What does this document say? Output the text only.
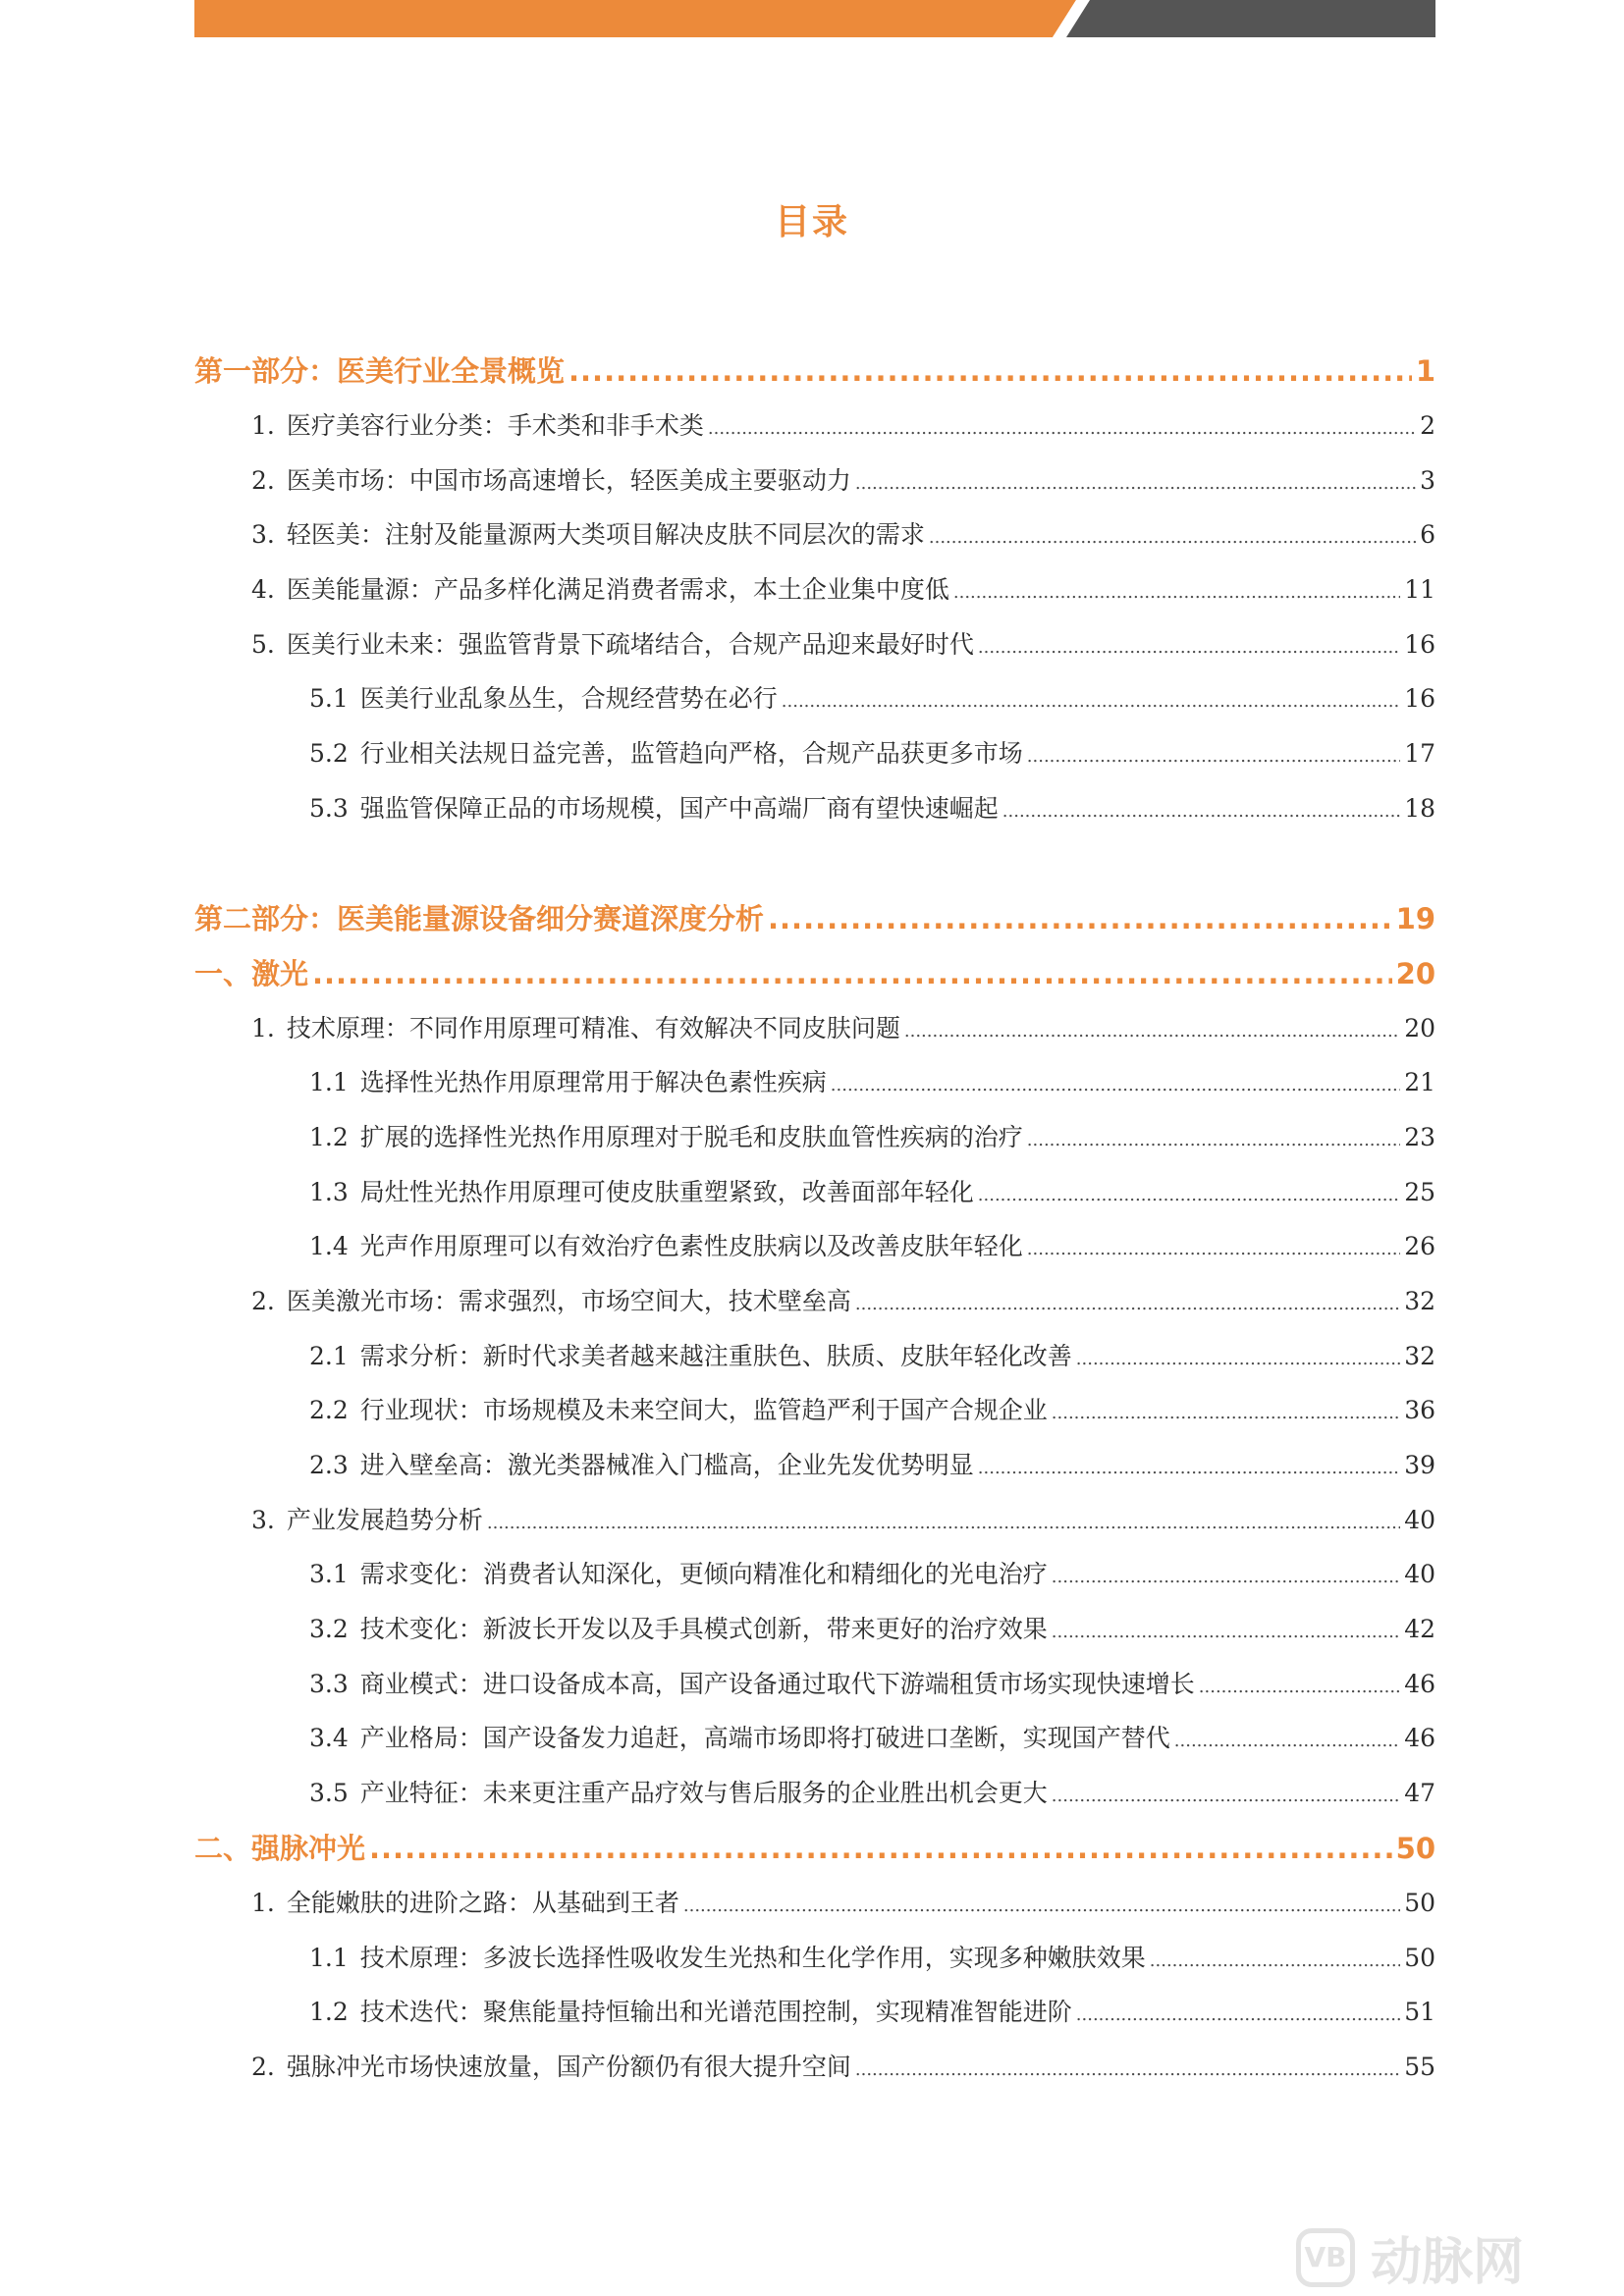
目录
第一部分：医美行业全景概览 .....	1
1. 医疗美容行业分类：手术类和非手术类 .....	2
2. 医美市场：中国市场高速增长，轻医美成主要驱动力 .....	3
3. 轻医美：注射及能量源两大类项目解决皮肤不同层次的需求 .....	6
4. 医美能量源：产品多样化满足消费者需求，本土企业集中度低 .....	11
5. 医美行业未来：强监管背景下疏堵结合，合规产品迎来最好时代 .....	16
5.1 医美行业乱象丛生，合规经营势在必行 .....	16
5.2 行业相关法规日益完善，监管趋向严格，合规产品获更多市场 .....	17
5.3 强监管保障正品的市场规模，国产中高端厂商有望快速崛起 .....	18
第二部分：医美能量源设备细分赛道深度分析 .....	19
一、激光 .....	20
1. 技术原理：不同作用原理可精准、有效解决不同皮肤问题 .....	20
1.1 选择性光热作用原理常用于解决色素性疾病 .....	21
1.2 扩展的选择性光热作用原理对于脱毛和皮肤血管性疾病的治疗 .....	23
1.3 局灶性光热作用原理可使皮肤重塑紧致，改善面部年轻化 .....	25
1.4 光声作用原理可以有效治疗色素性皮肤病以及改善皮肤年轻化 .....	26
2. 医美激光市场：需求强烈，市场空间大，技术壁垒高 .....	32
2.1 需求分析：新时代求美者越来越注重肤色、肤质、皮肤年轻化改善 .....	32
2.2 行业现状：市场规模及未来空间大，监管趋严利于国产合规企业 .....	36
2.3 进入壁垒高：激光类器械准入门槛高，企业先发优势明显 .....	39
3. 产业发展趋势分析 .....	40
3.1 需求变化：消费者认知深化，更倾向精准化和精细化的光电治疗 .....	40
3.2 技术变化：新波长开发以及手具模式创新，带来更好的治疗效果 .....	42
3.3 商业模式：进口设备成本高，国产设备通过取代下游端租赁市场实现快速增长 .....	46
3.4 产业格局：国产设备发力追赶，高端市场即将打破进口垄断，实现国产替代 .....	46
3.5 产业特征：未来更注重产品疗效与售后服务的企业胜出机会更大 .....	47
二、强脉冲光 .....	50
1. 全能嫩肤的进阶之路：从基础到王者 .....	50
1.1 技术原理：多波长选择性吸收发生光热和生化学作用，实现多种嫩肤效果 .....	50
1.2 技术迭代：聚焦能量持恒输出和光谱范围控制，实现精准智能进阶 .....	51
2. 强脉冲光市场快速放量，国产份额仍有很大提升空间 .....	55
VB 动脉网
